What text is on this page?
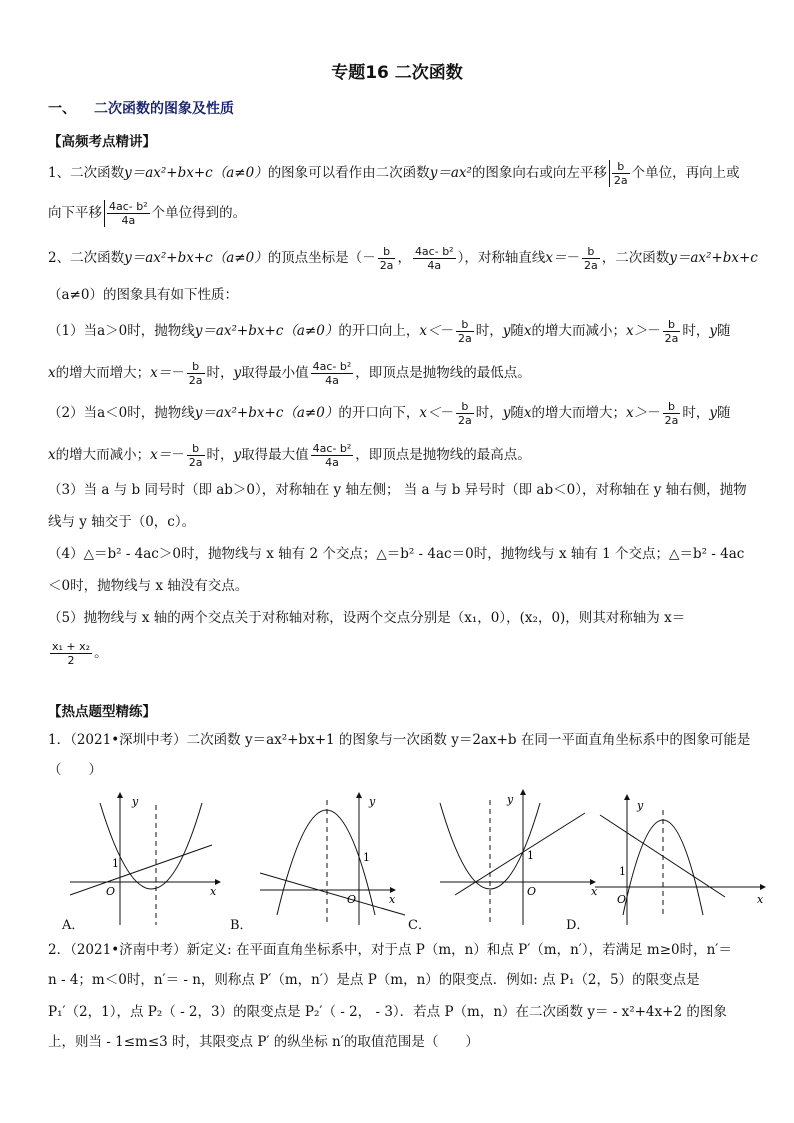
专题16 二次函数
一、 二次函数的图象及性质
【高频考点精讲】
1、二次函数y＝ax²+bx+c（a≠0）的图象可以看作由二次函数y＝ax²的图象向右或向左平移 $\frac{b}{2a}$ 个单位，再向上或
向下平移 $\frac{\text{4ac- b²}}{4a}$ 个单位得到的。
2、二次函数y＝ax²+bx+c（a≠0）的顶点坐标是（－ $\frac{b}{2a}$ ， $\frac{\text{4ac- b²}}{4a}$ ），对称轴直线$x=- \frac{b}{2a}$ ，二次函数y＝ax²+bx+c
（a≠0）的图象具有如下性质：
（1）当a＞0时，抛物线y＝ax²+bx+c（a≠0）的开口向上，$x<- \frac{b}{2a}$ 时，y随x的增大而减小；$x>- \frac{b}{2a}$ 时，y随
x的增大而增大；$x=- \frac{b}{2a}$ 时，y取得最小值 $\frac{\text{4ac- b²}}{4a}$ ，即顶点是抛物线的最低点。
（2）当a＜0时，抛物线y＝ax²+bx+c（a≠0）的开口向下，$x<- \frac{b}{2a}$ 时，y随x的增大而增大；$x>- \frac{b}{2a}$ 时，y随
x的增大而减小；$x=- \frac{b}{2a}$ 时，y取得最大值 $\frac{\text{4ac- b²}}{4a}$ ，即顶点是抛物线的最高点。
（3）当 a 与 b 同号时（即 ab＞0），对称轴在 y 轴左侧； 当 a 与 b 异号时（即 ab＜0），对称轴在 y 轴右侧，抛物
线与 y 轴交于（0，c）。
（4）△＝b² - 4ac＞0时，抛物线与 x 轴有 2 个交点；△＝b² - 4ac＝0时，抛物线与 x 轴有 1 个交点；△＝b² - 4ac
＜0时，抛物线与 x 轴没有交点。
（5）抛物线与 x 轴的两个交点关于对称轴对称，设两个交点分别是（x₁，0），(x₂，0)，则其对称轴为 x＝
$\frac{\text{x₁ + x₂}}{2}$ 。
【热点题型精练】
1．（2021•深圳中考）二次函数 y＝ax²+bx+1 的图象与一次函数 y＝2ax+b 在同一平面直角坐标系中的图象可能是
（　　）
y
x
O
1
y
x
O
1
y
x
O
1
y
x
O
1
A．	B．	C．	D．
2．（2021•济南中考）新定义: 在平面直角坐标系中，对于点 P（m，n）和点 P′（m，n′），若满足 m≥0时，n′＝
n - 4；m＜0时，n′＝ - n，则称点 P′（m，n′）是点 P（m，n）的限变点．例如: 点 P₁（2，5）的限变点是
P₁′（2，1），点 P₂（ - 2，3）的限变点是 P₂′（ - 2， - 3）．若点 P（m，n）在二次函数 y＝ - x²+4x+2 的图象
上，则当 - 1≤m≤3 时，其限变点 P′ 的纵坐标 n′的取值范围是（　　）
